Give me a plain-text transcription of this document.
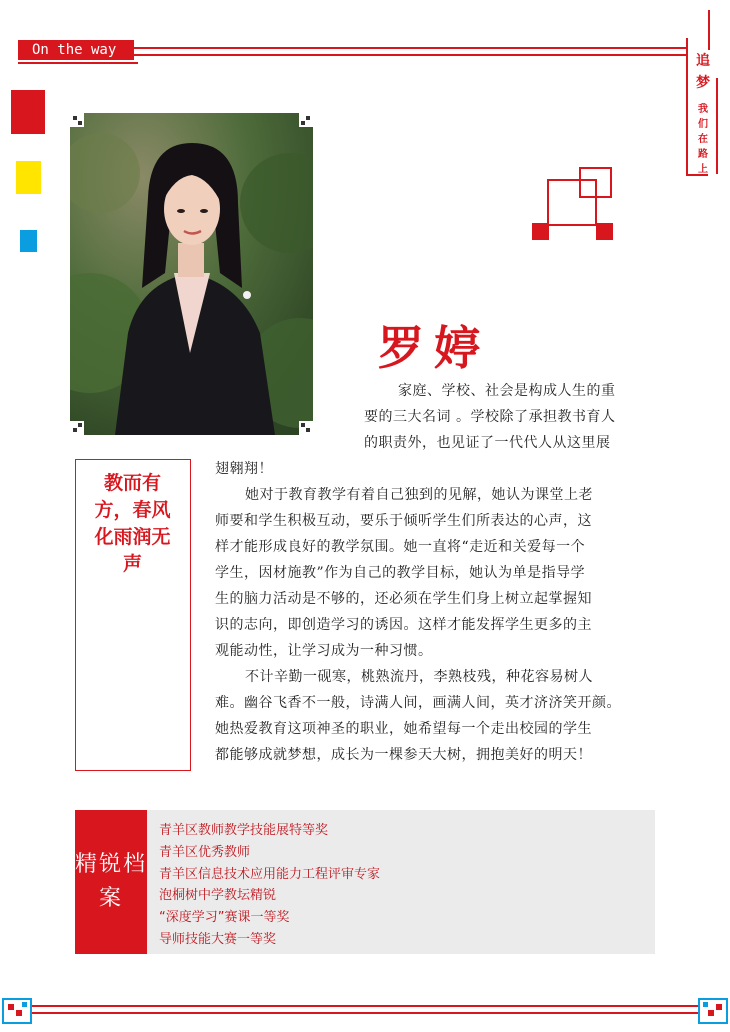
On the way
追梦
我们在路上
罗婷
家庭、学校、社会是构成人生的重
要的三大名词 。学校除了承担教书育人
的职责外，也见证了一代代人从这里展
教而有方，春风化雨润无声
翅翱翔！
她对于教育教学有着自己独到的见解，她认为课堂上老
师要和学生积极互动，要乐于倾听学生们所表达的心声，这
样才能形成良好的教学氛围。她一直将“走近和关爱每一个
学生，因材施教”作为自己的教学目标，她认为单是指导学
生的脑力活动是不够的，还必须在学生们身上树立起掌握知
识的志向，即创造学习的诱因。这样才能发挥学生更多的主
观能动性，让学习成为一种习惯。
不计辛勤一砚寒，桃熟流丹，李熟枝残，种花容易树人
难。幽谷飞香不一般，诗满人间，画满人间，英才济济笑开颜。
她热爱教育这项神圣的职业，她希望每一个走出校园的学生
都能够成就梦想，成长为一棵参天大树，拥抱美好的明天！
精锐档案
青羊区教师教学技能展特等奖
青羊区优秀教师
青羊区信息技术应用能力工程评审专家
泡桐树中学教坛精锐
“深度学习”赛课一等奖
导师技能大赛一等奖
